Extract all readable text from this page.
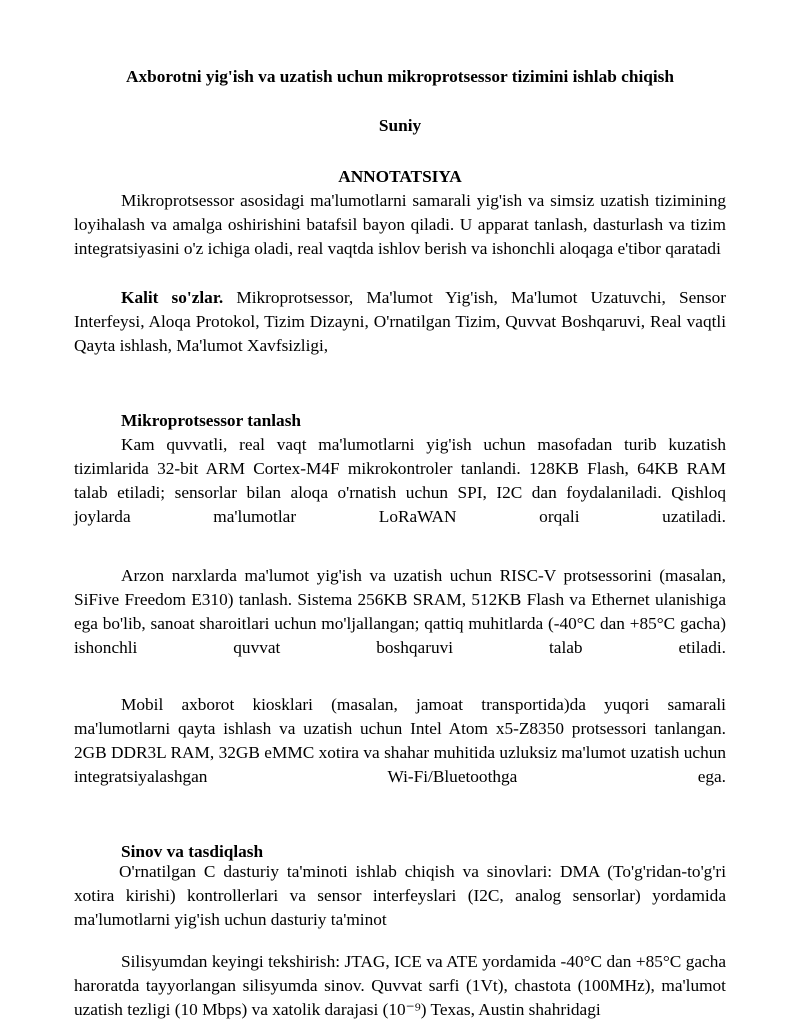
Axborotni yig'ish va uzatish uchun mikroprotsessor tizimini ishlab chiqish
Suniy
ANNOTATSIYA

Mikroprotsessor asosidagi ma'lumotlarni samarali yig'ish va simsiz uzatish tizimining loyihalash va amalga oshirishini batafsil bayon qiladi. U apparat tanlash, dasturlash va tizim integratsiyasini o'z ichiga oladi, real vaqtda ishlov berish va ishonchli aloqaga e'tibor qaratadi

Kalit so'zlar. Mikroprotsessor, Ma'lumot Yig'ish, Ma'lumot Uzatuvchi, Sensor Interfeysi, Aloqa Protokol, Tizim Dizayni, O'rnatilgan Tizim, Quvvat Boshqaruvi, Real vaqtli Qayta ishlash, Ma'lumot Xavfsizligi,

Mikroprotsessor tanlash

Kam quvvatli, real vaqt ma'lumotlarni yig'ish uchun masofadan turib kuzatish tizimlarida 32-bit ARM Cortex-M4F mikrokontroler tanlandi. 128KB Flash, 64KB RAM talab etiladi; sensorlar bilan aloqa o'rnatish uchun SPI, I2C dan foydalaniladi. Qishloq joylarda ma'lumotlar LoRaWAN orqali uzatiladi.

Arzon narxlarda ma'lumot yig'ish va uzatish uchun RISC-V protsessorini (masalan, SiFive Freedom E310) tanlash. Sistema 256KB SRAM, 512KB Flash va Ethernet ulanishiga ega bo'lib, sanoat sharoitlari uchun mo'ljallangan; qattiq muhitlarda (-40°C dan +85°C gacha) ishonchli quvvat boshqaruvi talab etiladi.

Mobil axborot kiosklari (masalan, jamoat transportida)da yuqori samarali ma'lumotlarni qayta ishlash va uzatish uchun Intel Atom x5-Z8350 protsessori tanlangan. 2GB DDR3L RAM, 32GB eMMC xotira va shahar muhitida uzluksiz ma'lumot uzatish uchun integratsiyalashgan Wi-Fi/Bluetoothga ega.

Sinov va tasdiqlash

O'rnatilgan C dasturiy ta'minoti ishlab chiqish va sinovlari: DMA (To'g'ridan-to'g'ri xotira kirishi) kontrollerlari va sensor interfeyslari (I2C, analog sensorlar) yordamida ma'lumotlarni yig'ish uchun dasturiy ta'minot

Silisyumdan keyingi tekshirish: JTAG, ICE va ATE yordamida -40°C dan +85°C gacha haroratda tayyorlangan silisyumda sinov. Quvvat sarfi (1Vt), chastota (100MHz), ma'lumot uzatish tezligi (10 Mbps) va xatolik darajasi (10⁻⁹) Texas, Austin shahridagi
